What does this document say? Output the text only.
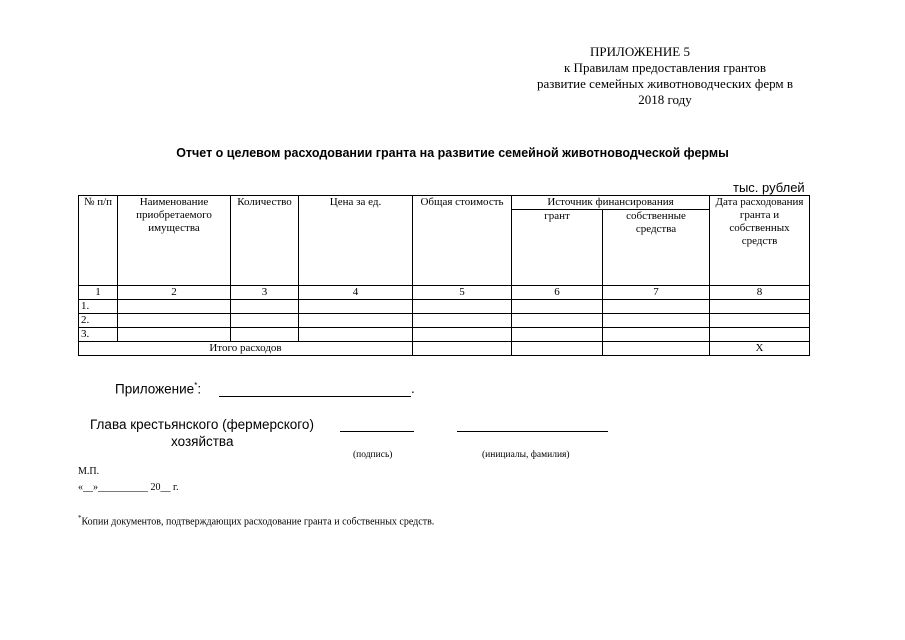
ПРИЛОЖЕНИЕ 5
к Правилам предоставления грантов
развитие семейных животноводческих ферм в
2018 году
Отчет о целевом расходовании гранта на развитие семейной животноводческой фермы
тыс. рублей
№ п/п	Наименование приобретаемого имущества	Количество	Цена за ед.	Общая стоимость	Источник финансирования		Дата расходования гранта и собственных средств
					грант	собственные средства	
1	2	3	4	5	6	7	8
1.							
2.							
3.							
Итого расходов							Х
Приложение*:	.
Глава крестьянского (фермерского)
хозяйства
(подпись)	(инициалы, фамилия)
М.П.
«__»__________ 20__ г.
*Копии документов, подтверждающих расходование гранта и собственных средств.
